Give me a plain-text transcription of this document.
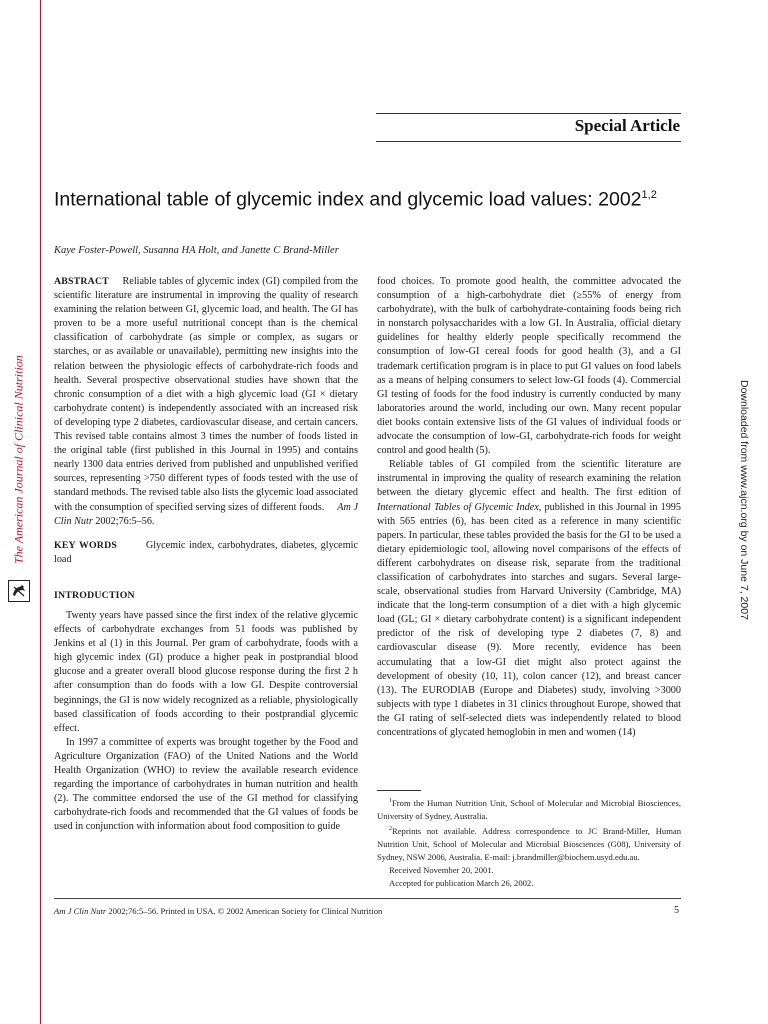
The American Journal of Clinical Nutrition	Downloaded from www.ajcn.org by on June 7, 2007
Special Article
International table of glycemic index and glycemic load values: 2002$^{1,2}$
Kaye Foster-Powell, Susanna HA Holt, and Janette C Brand-Miller

ABSTRACT Reliable tables of glycemic index (GI) compiled from the scientific literature are instrumental in improving the quality of research examining the relation between GI, glycemic load, and health. The GI has proven to be a more useful nutritional concept than is the chemical classification of carbohydrate (as simple or complex, as sugars or starches, or as available or unavailable), permitting new insights into the relation between the physiologic effects of carbohydrate-rich foods and health. Several prospective observational studies have shown that the chronic consumption of a diet with a high glycemic load (GI × dietary carbohydrate content) is independently associated with an increased risk of developing type 2 diabetes, cardiovascular disease, and certain cancers. This revised table contains almost 3 times the number of foods listed in the original table (first published in this Journal in 1995) and contains nearly 1300 data entries derived from published and unpublished verified sources, representing >750 different types of foods tested with the use of standard methods. The revised table also lists the glycemic load associated with the consumption of specified serving sizes of different foods. Am J Clin Nutr 2002;76:5–56.

KEY WORDS	Glycemic index, carbohydrates, diabetes, glycemic load

INTRODUCTION

Twenty years have passed since the first index of the relative glycemic effects of carbohydrate exchanges from 51 foods was published by Jenkins et al (1) in this Journal. Per gram of carbohydrate, foods with a high glycemic index (GI) produce a higher peak in postprandial blood glucose and a greater overall blood glucose response during the first 2 h after consumption than do foods with a low GI. Despite controversial beginnings, the GI is now widely recognized as a reliable, physiologically based classification of foods according to their postprandial glycemic effect.

In 1997 a committee of experts was brought together by the Food and Agriculture Organization (FAO) of the United Nations and the World Health Organization (WHO) to review the available research evidence regarding the importance of carbohydrates in human nutrition and health (2). The committee endorsed the use of the GI method for classifying carbohydrate-rich foods and recommended that the GI values of foods be used in conjunction with information about food composition to guide

food choices. To promote good health, the committee advocated the consumption of a high-carbohydrate diet (≥55% of energy from carbohydrate), with the bulk of carbohydrate-containing foods being rich in nonstarch polysaccharides with a low GI. In Australia, official dietary guidelines for healthy elderly people specifically recommend the consumption of low-GI cereal foods for good health (3), and a GI trademark certification program is in place to put GI values on food labels as a means of helping consumers to select low-GI foods (4). Commercial GI testing of foods for the food industry is currently conducted by many laboratories around the world, including our own. Many recent popular diet books contain extensive lists of the GI values of individual foods or advocate the consumption of low-GI, carbohydrate-rich foods for weight control and good health (5).

Reliable tables of GI compiled from the scientific literature are instrumental in improving the quality of research examining the relation between the dietary glycemic effect and health. The first edition of International Tables of Glycemic Index, published in this Journal in 1995 with 565 entries (6), has been cited as a reference in many scientific papers. In particular, these tables provided the basis for the GI to be used a dietary epidemiologic tool, allowing novel comparisons of the effects of different carbohydrates on disease risk, separate from the traditional classification of carbohydrates into starches and sugars. Several large-scale, observational studies from Harvard University (Cambridge, MA) indicate that the long-term consumption of a diet with a high glycemic load (GL; GI × dietary carbohydrate content) is a significant independent predictor of the risk of developing type 2 diabetes (7, 8) and cardiovascular disease (9). More recently, evidence has been accumulating that a low-GI diet might also protect against the development of obesity (10, 11), colon cancer (12), and breast cancer (13). The EURODIAB (Europe and Diabetes) study, involving >3000 subjects with type 1 diabetes in 31 clinics throughout Europe, showed that the GI rating of self-selected diets was independently related to blood concentrations of glycated hemoglobin in men and women (14)

$^1$From the Human Nutrition Unit, School of Molecular and Microbial Biosciences, University of Sydney, Australia.

$^2$Reprints not available. Address correspondence to JC Brand-Miller, Human Nutrition Unit, School of Molecular and Microbial Biosciences (G08), University of Sydney, NSW 2006, Australia. E-mail: j.brandmiller@biochem.usyd.edu.au.

Received November 20, 2001.

Accepted for publication March 26, 2002.

Am J Clin Nutr 2002;76:5–56. Printed in USA. © 2002 American Society for Clinical Nutrition	5
